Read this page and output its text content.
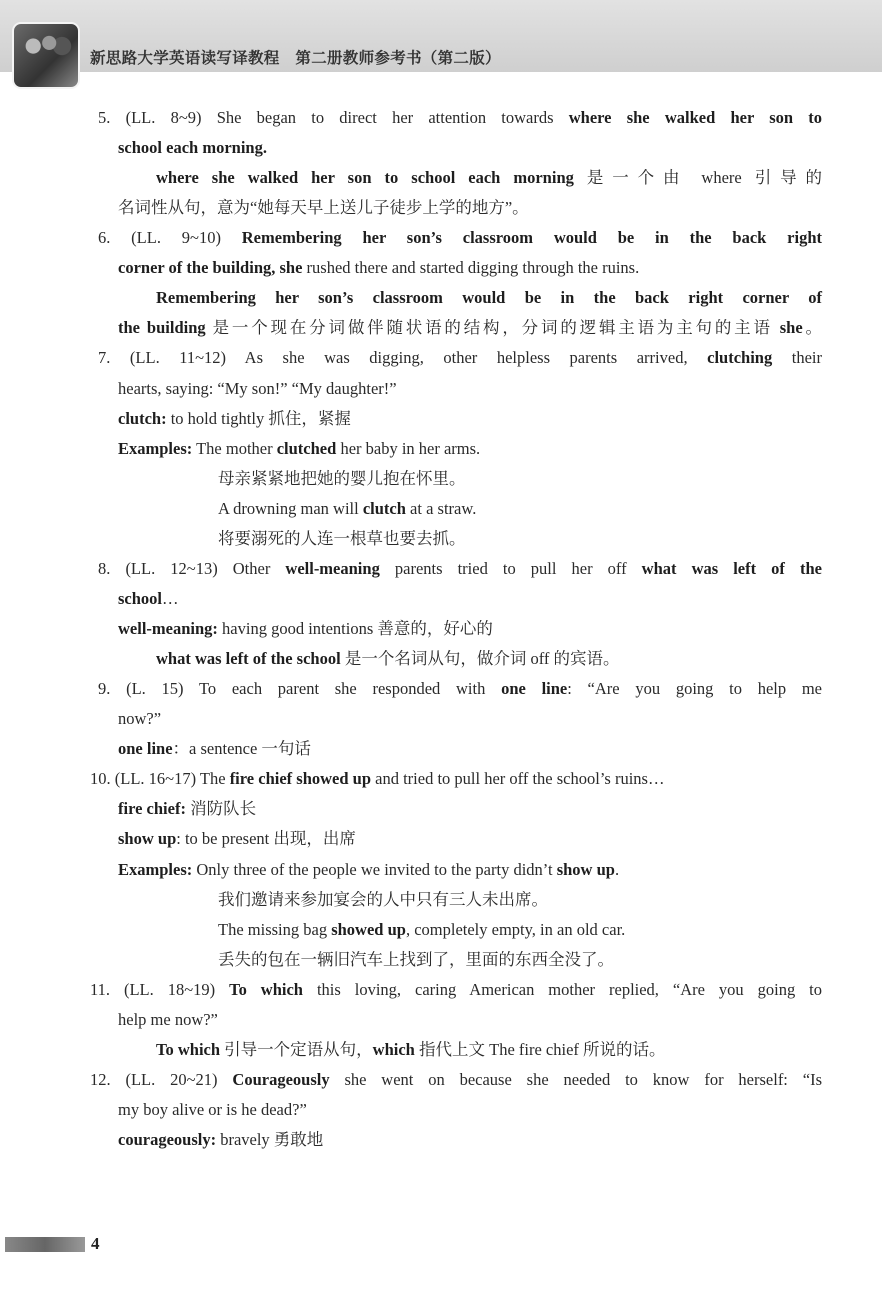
新思路大学英语读写译教程　第二册教师参考书（第二版）
5. (LL. 8~9) She began to direct her attention towards where she walked her son to
school each morning.
where she walked her son to school each morning 是一个由 where 引导的
名词性从句，意为“她每天早上送儿子徒步上学的地方”。
6. (LL. 9~10) Remembering her son’s classroom would be in the back right
corner of the building, she rushed there and started digging through the ruins.
Remembering her son’s classroom would be in the back right corner of
the building 是一个现在分词做伴随状语的结构，分词的逻辑主语为主句的主语 she。
7. (LL. 11~12) As she was digging, other helpless parents arrived, clutching their
hearts, saying: “My son!” “My daughter!”
clutch: to hold tightly 抓住，紧握
Examples: The mother clutched her baby in her arms.
母亲紧紧地把她的婴儿抱在怀里。
A drowning man will clutch at a straw.
将要溺死的人连一根草也要去抓。
8. (LL. 12~13) Other well-meaning parents tried to pull her off what was left of the
school…
well-meaning: having good intentions 善意的，好心的
what was left of the school 是一个名词从句，做介词 off 的宾语。
9. (L. 15) To each parent she responded with one line: “Are you going to help me
now?”
one line：a sentence 一句话
10. (LL. 16~17) The fire chief showed up and tried to pull her off the school’s ruins…
fire chief: 消防队长
show up: to be present 出现，出席
Examples: Only three of the people we invited to the party didn’t show up.
我们邀请来参加宴会的人中只有三人未出席。
The missing bag showed up, completely empty, in an old car.
丢失的包在一辆旧汽车上找到了，里面的东西全没了。
11. (LL. 18~19) To which this loving, caring American mother replied, “Are you going to
help me now?”
To which 引导一个定语从句，which 指代上文 The fire chief 所说的话。
12. (LL. 20~21) Courageously she went on because she needed to know for herself: “Is
my boy alive or is he dead?”
courageously: bravely 勇敢地
4
